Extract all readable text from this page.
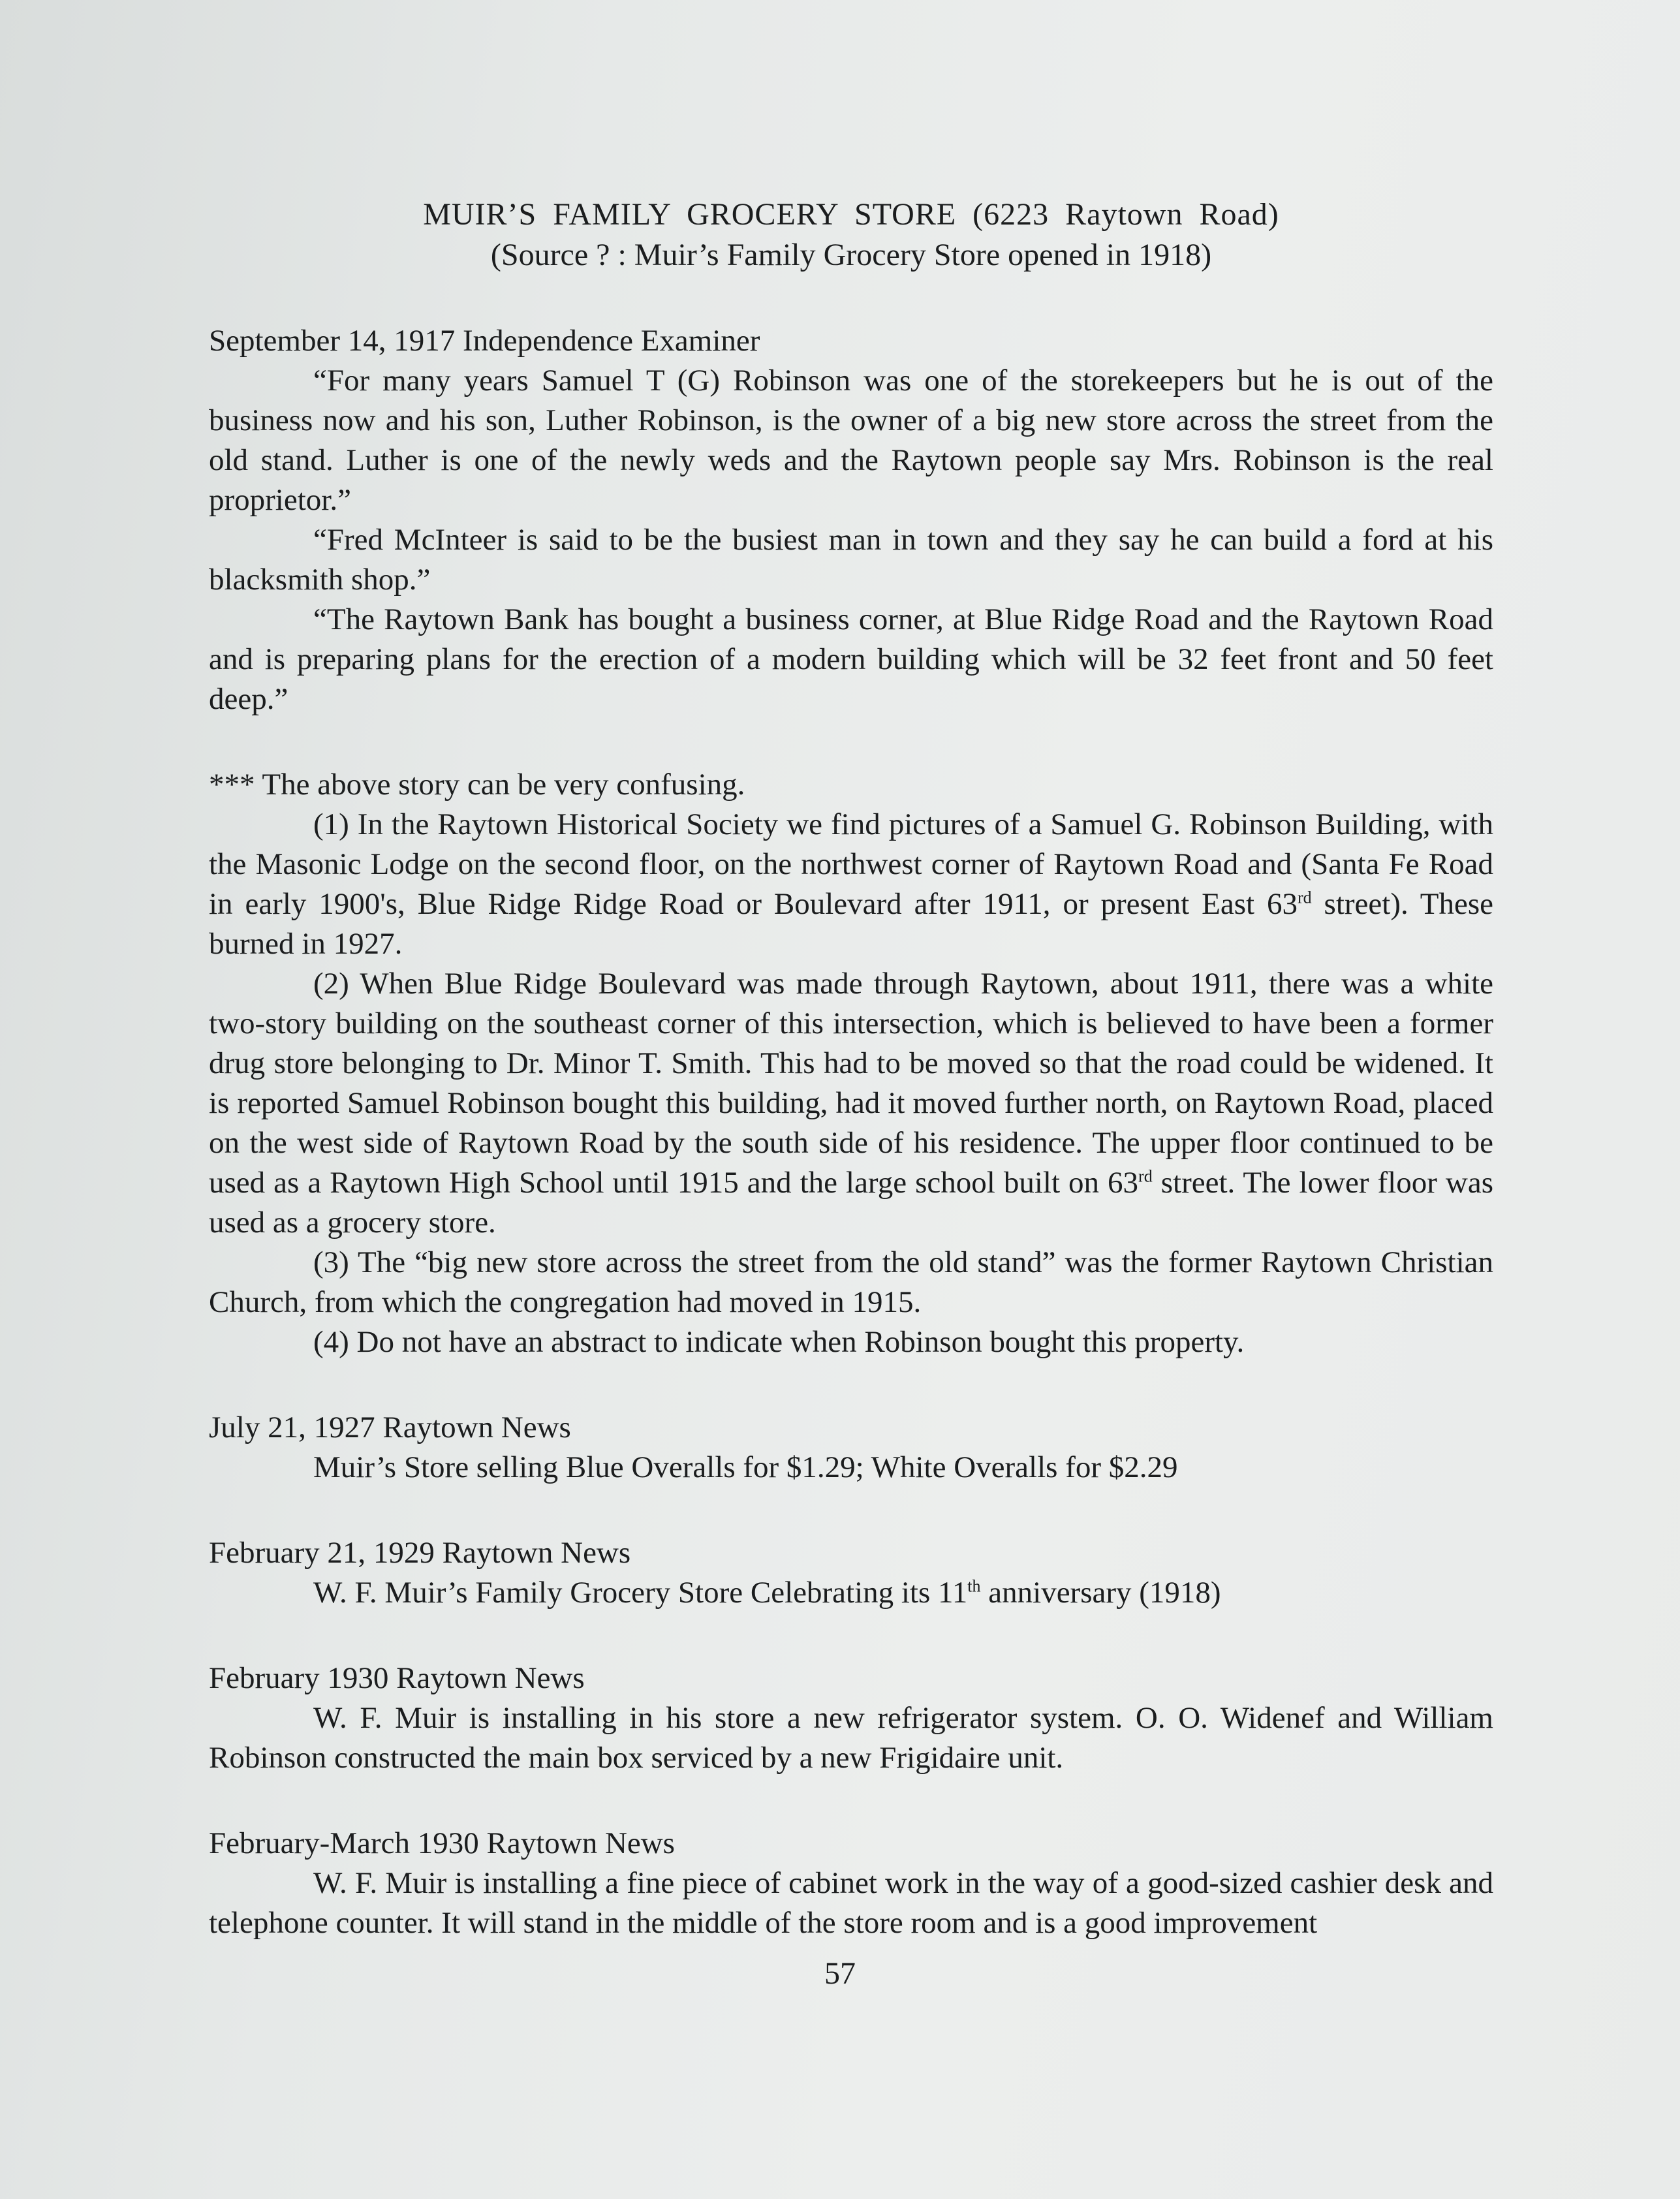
MUIR’S FAMILY GROCERY STORE (6223 Raytown Road)
(Source ? : Muir’s Family Grocery Store opened in 1918)

September 14, 1917 Independence Examiner

“For many years Samuel T (G) Robinson was one of the storekeepers but he is out of the business now and his son, Luther Robinson, is the owner of a big new store across the street from the old stand. Luther is one of the newly weds and the Raytown people say Mrs. Robinson is the real proprietor.”

“Fred McInteer is said to be the busiest man in town and they say he can build a ford at his blacksmith shop.”

“The Raytown Bank has bought a business corner, at Blue Ridge Road and the Raytown Road and is preparing plans for the erection of a modern building which will be 32 feet front and 50 feet deep.”

*** The above story can be very confusing.

(1) In the Raytown Historical Society we find pictures of a Samuel G. Robinson Building, with the Masonic Lodge on the second floor, on the northwest corner of Raytown Road and (Santa Fe Road in early 1900's, Blue Ridge Ridge Road or Boulevard after 1911, or present East 63rd street). These burned in 1927.

(2) When Blue Ridge Boulevard was made through Raytown, about 1911, there was a white two-story building on the southeast corner of this intersection, which is believed to have been a former drug store belonging to Dr. Minor T. Smith. This had to be moved so that the road could be widened. It is reported Samuel Robinson bought this building, had it moved further north, on Raytown Road, placed on the west side of Raytown Road by the south side of his residence. The upper floor continued to be used as a Raytown High School until 1915 and the large school built on 63rd street. The lower floor was used as a grocery store.

(3) The “big new store across the street from the old stand” was the former Raytown Christian Church, from which the congregation had moved in 1915.

(4) Do not have an abstract to indicate when Robinson bought this property.

July 21, 1927 Raytown News

Muir’s Store selling Blue Overalls for $1.29; White Overalls for $2.29

February 21, 1929 Raytown News

W. F. Muir’s Family Grocery Store Celebrating its 11th anniversary (1918)

February 1930 Raytown News

W. F. Muir is installing in his store a new refrigerator system. O. O. Widenef and William Robinson constructed the main box serviced by a new Frigidaire unit.

February-March 1930 Raytown News

W. F. Muir is installing a fine piece of cabinet work in the way of a good-sized cashier desk and telephone counter. It will stand in the middle of the store room and is a good improvement

57
